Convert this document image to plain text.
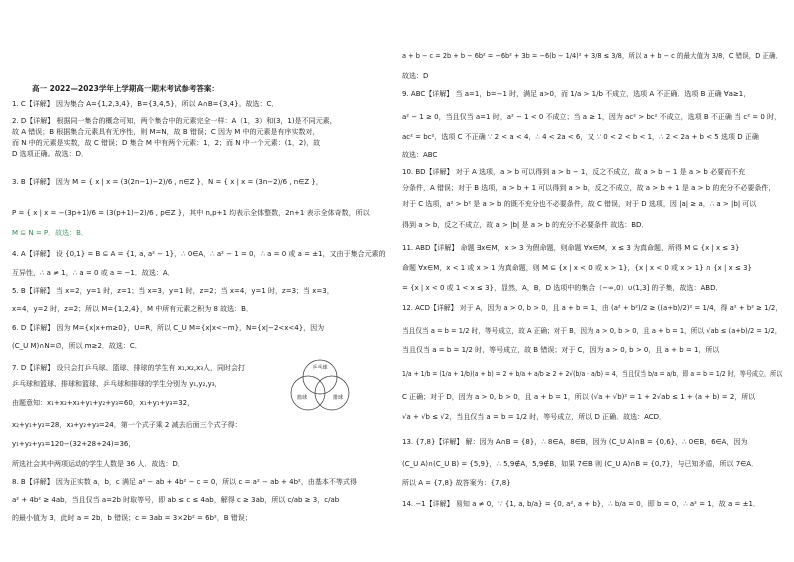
高一 2022—2023学年上学期高一期末考试参考答案：
1. C【详解】 因为集合 A={1,2,3,4}，B={3,4,5}，所以 A∩B={3,4}。故选：C．
2. D【详解】 根据同一集合的概念可知，两个集合中的元素完全一样：A（1，3）和(3，1)是不同元素，
故 A 错误；B 根据集合元素具有无序性，则 M=N，故 B 错误；C 因为 M 中的元素是有序实数对，
而 N 中的元素是实数，故 C 错误；D 集合 M 中有两个元素：1，2；而 N 中一个元素：(1，2)，故
D 选项正确。故选：D．
3. B【详解】 因为 M = { x | x = (3(2n−1)−2)/6 , n∈Z }，N = { x | x = (3n−2)/6 , n∈Z }，
P = { x | x = −(3p+1)/6 = (3(p+1)−2)/6 , p∈Z }，其中 n,p+1 均表示全体整数，2n+1 表示全体奇数，所以
M ⊆ N = P．故选：B．
4. A【详解】 设 {0,1} = B ⊆ A = {1, a, a² − 1}，∴ 0∈A，∴ a² − 1 = 0，∴ a = 0 或 a = ±1，又由于集合元素的
互异性，∴ a ≠ 1，∴ a = 0 或 a = −1．故选：A．
5. B【详解】 当 x=2，y=1 时，z=1；当 x=3，y=1 时，z=2；当 x=4，y=1 时，z=3；当 x=3，
x=4，y=2 时，z=2；所以 M={1,2,4}，M 中所有元素之积为 8 故选：B．
6. D【详解】 因为 M={x|x+m≥0}，U=R，所以 C_U M={x|x<−m}，N={x|−2<x<4}，因为
(C_U M)∩N=∅，所以 m≥2．故选：C．
7. D【详解】 设只会打乒乓球、篮球、排球的学生有 x₁,x₂,x₃人，同时会打
乒乓球和篮球、排球和篮球、乒乓球和排球的学生分别为 y₁,y₂,y₃，
由题意知：x₁+x₂+x₃+y₁+y₂+y₃=60，x₁+y₁+y₃=32，
x₂+y₁+y₂=28，x₃+y₂+y₃=24，第一个式子乘 2 减去后面三个式子得：
y₁+y₂+y₃=120−(32+28+24)=36，
所选社会其中两项运动的学生人数是 36 人．故选：D．
8. B【详解】 因为正实数 a，b，c 满足 a² − ab + 4b² − c = 0，所以 c = a² − ab + 4b²，由基本不等式得
a² + 4b² ≥ 4ab，当且仅当 a=2b 时取等号，即 ab ≤ c ≤ 4ab，解得 c ≥ 3ab，所以 c/ab ≥ 3，c/ab
的最小值为 3，此时 a = 2b，b 错误；c = 3ab = 3×2b² = 6b²，B 错误；
乒乓球
篮球	排球
a + b − c = 2b + b − 6b² = −6b² + 3b = −6(b − 1/4)² + 3/8 ≤ 3/8，所以 a + b − c 的最大值为 3/8，C 错误，D 正确．
故选：D
9. ABC【详解】 当 a=1，b=−1 时，满足 a>0，而 1/a > 1/b 不成立，选项 A 不正确．选项 B 正确 ∀a≥1，
a² − 1 ≥ 0，当且仅当 a=1 时，a² − 1 < 0 不成立；当 a ≥ 1，因为 ac² > bc² 不成立，选项 B 不正确 当 c² = 0 时，
ac² = bc²，选项 C 不正确 ∵ 2 < a < 4，∴ 4 < 2a < 6，又 ∵ 0 < 2 < b < 1，∴ 2 < 2a + b < 5 选项 D 正确
故选：ABC
10. BD【详解】 对于 A 选项，a > b 可以得到 a > b − 1，反之不成立，故 a > b − 1 是 a > b 必要而不充
分条件，A 错误；对于 B 选项，a > b + 1 可以得到 a > b，反之不成立，故 a > b + 1 是 a > b 的充分不必要条件，
对于 C 选项，a² > b² 是 a > b 的既不充分也不必要条件，故 C 错误，对于 D 选项，因 |a| ≥ a，∴ a > |b| 可以
得到 a > b，反之不成立，故 a > |b| 是 a > b 的充分不必要条件 故选：BD．
11. ABD【详解】 命题 ∃x∈M，x > 3 为假命题，则命题 ∀x∈M，x ≤ 3 为真命题，所得 M ⊆ {x | x ≤ 3}
命题 ∀x∈M，x < 1 或 x > 1 为真命题，则 M ⊆ {x | x < 0 或 x > 1}，{x | x < 0 或 x > 1} ∩ {x | x ≤ 3}
= {x | x < 0 或 1 < x ≤ 3}，显然，A，B，D 选项中的集合（−∞,0）∪(1,3] 的子集，故选：ABD．
12. ACD【详解】 对于 A，因为 a > 0, b > 0，且 a + b = 1，由 (a² + b²)/2 ≥ ((a+b)/2)² = 1/4，得 a² + b² ≥ 1/2，
当且仅当 a = b = 1/2 时，等号成立，故 A 正确；对于 B，因为 a > 0, b > 0，且 a + b = 1，所以 √ab ≤ (a+b)/2 = 1/2，
当且仅当 a = b = 1/2 时，等号成立，故 B 错误；对于 C，因为 a > 0, b > 0，且 a + b = 1，所以
1/a + 1/b = (1/a + 1/b)(a + b) = 2 + b/a + a/b ≥ 2 + 2√(b/a · a/b) = 4，当且仅当 b/a = a/b，即 a = b = 1/2 时，等号成立，所以
C 正确；对于 D，因为 a > 0, b > 0，且 a + b = 1，所以 (√a + √b)² = 1 + 2√ab ≤ 1 + (a + b) = 2，所以
√a + √b ≤ √2，当且仅当 a = b = 1/2 时，等号成立，所以 D 正确．故选：ACD．
13. {7,8}【详解】 解：因为 A∩B = {8}，∴ 8∈A，8∈B，因为 (C_U A)∩B = {0,6}，∴ 0∈B，6∈A，因为
(C_U A)∩(C_U B) = {5,9}，∴ 5,9∉A，5,9∉B，如果 7∈B 则 (C_U A)∩B = {0,7}，与已知矛盾，所以 7∈A．
所以 A = {7,8} 故答案为：{7,8}
14. −1【详解】 易知 a ≠ 0，∵ {1, a, b/a} = {0, a², a + b}，∴ b/a = 0，即 b = 0，∴ a² = 1，故 a = ±1．
